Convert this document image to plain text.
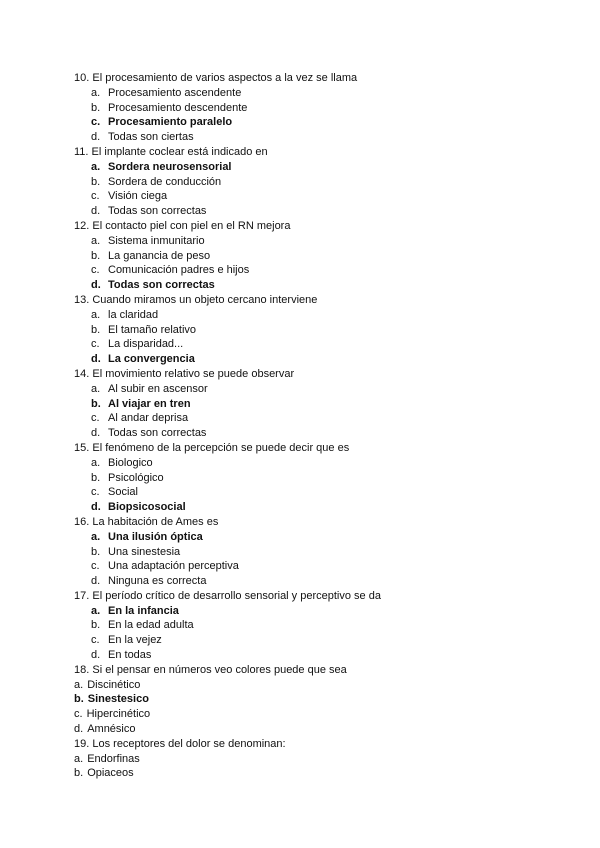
10. El procesamiento de varios aspectos a la vez se llama
a. Procesamiento ascendente
b. Procesamiento descendente
c. Procesamiento paralelo
d. Todas son ciertas
11. El implante coclear está indicado en
a. Sordera neurosensorial
b. Sordera de conducción
c. Visión ciega
d. Todas son correctas
12. El contacto piel con piel en el RN mejora
a. Sistema inmunitario
b. La ganancia de peso
c. Comunicación padres e hijos
d. Todas son correctas
13. Cuando miramos un objeto cercano interviene
a. la claridad
b. El tamaño relativo
c. La disparidad...
d. La convergencia
14. El movimiento relativo se puede observar
a. Al subir en ascensor
b. Al viajar en tren
c. Al andar deprisa
d. Todas son correctas
15. El fenómeno de la percepción se puede decir que es
a. Biologico
b. Psicológico
c. Social
d. Biopsicosocial
16. La habitación de Ames es
a. Una ilusión óptica
b. Una sinestesia
c. Una adaptación perceptiva
d. Ninguna es correcta
17. El período crítico de desarrollo sensorial y perceptivo se da
a. En la infancia
b. En la edad adulta
c. En la vejez
d. En todas
18. Si el pensar en números veo colores puede que sea
a. Discinético
b. Sinestesico
c. Hipercinético
d. Amnésico
19. Los receptores del dolor se denominan:
a. Endorfinas
b. Opiaceos
